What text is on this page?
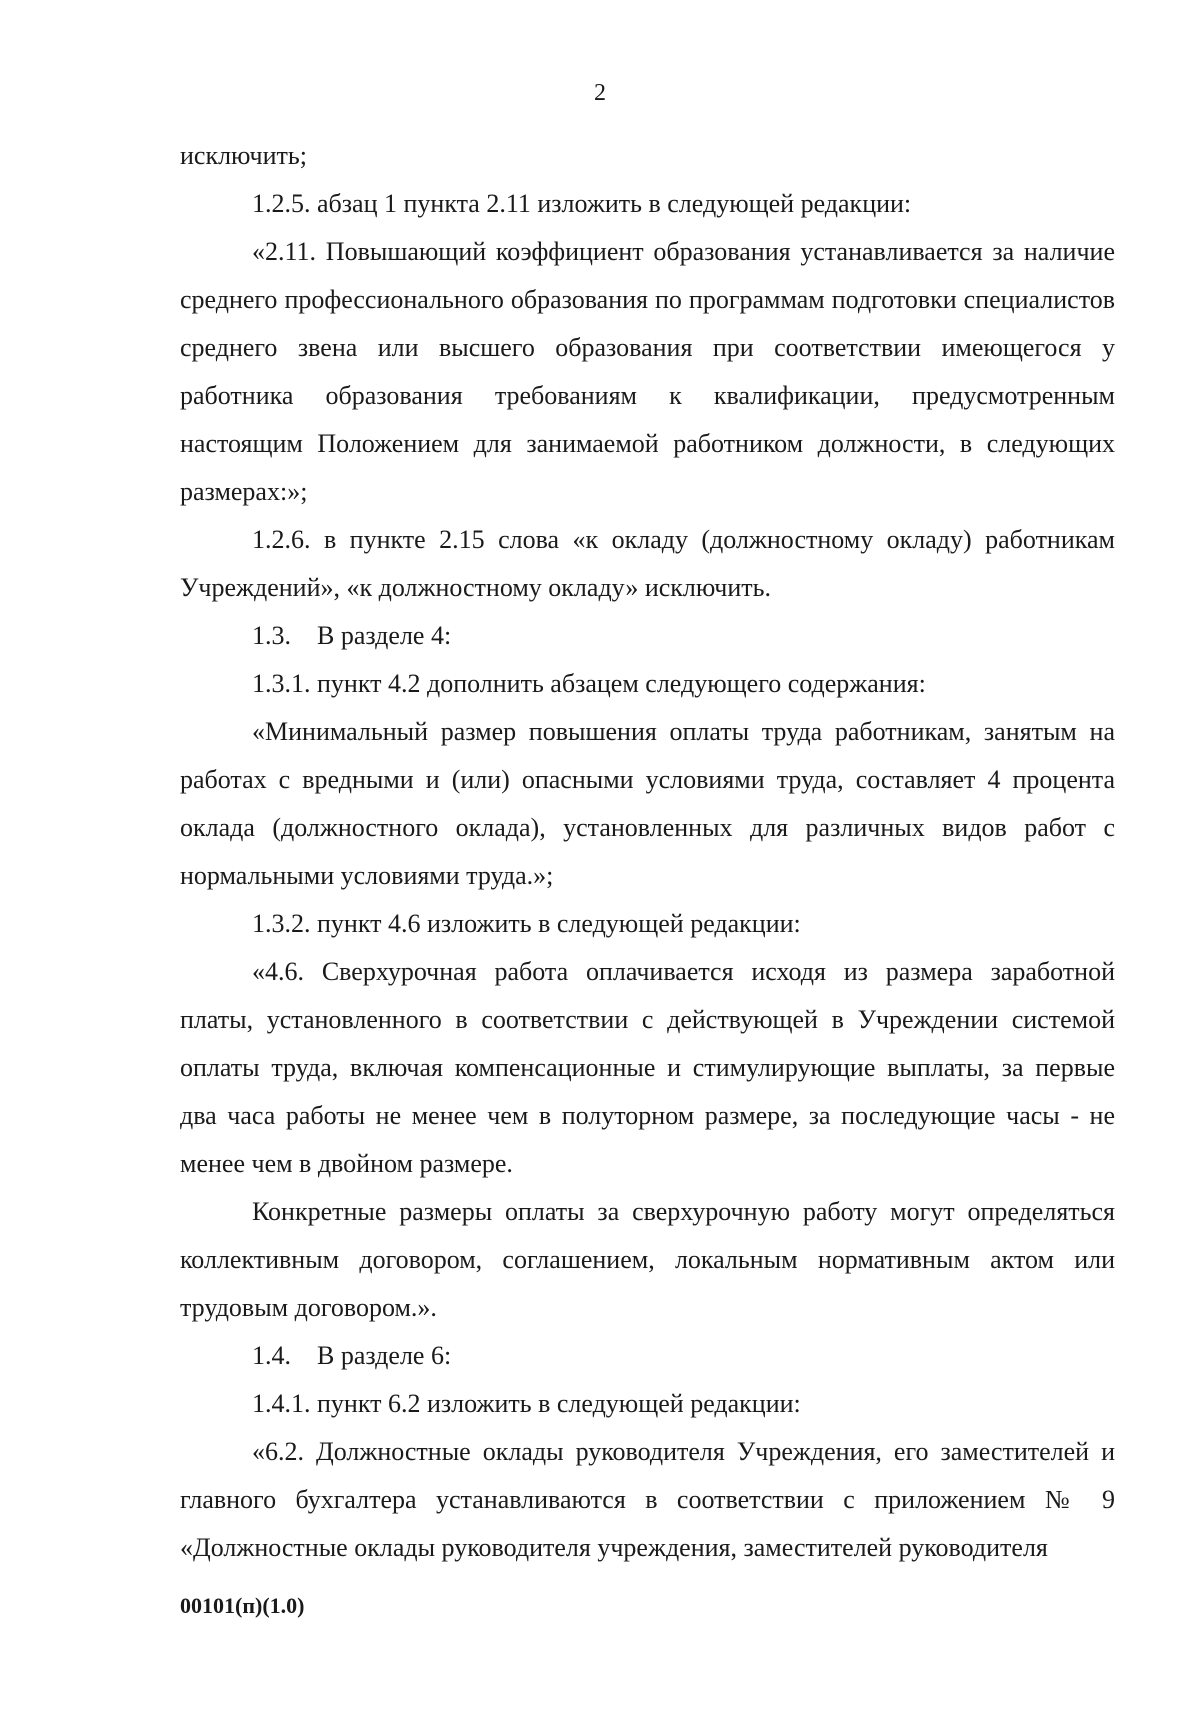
2

исключить;

1.2.5. абзац 1 пункта 2.11 изложить в следующей редакции:

«2.11. Повышающий коэффициент образования устанавливается за наличие среднего профессионального образования по программам подготовки специалистов среднего звена или высшего образования при соответствии имеющегося у работника образования требованиям к квалификации, предусмотренным настоящим Положением для занимаемой работником должности, в следующих размерах:»;

1.2.6. в пункте 2.15 слова «к окладу (должностному окладу) работникам Учреждений», «к должностному окладу» исключить.

1.3. В разделе 4:

1.3.1. пункт 4.2 дополнить абзацем следующего содержания:

«Минимальный размер повышения оплаты труда работникам, занятым на работах с вредными и (или) опасными условиями труда, составляет 4 процента оклада (должностного оклада), установленных для различных видов работ с нормальными условиями труда.»;

1.3.2. пункт 4.6 изложить в следующей редакции:

«4.6. Сверхурочная работа оплачивается исходя из размера заработной платы, установленного в соответствии с действующей в Учреждении системой оплаты труда, включая компенсационные и стимулирующие выплаты, за первые два часа работы не менее чем в полуторном размере, за последующие часы - не менее чем в двойном размере.

Конкретные размеры оплаты за сверхурочную работу могут определяться коллективным договором, соглашением, локальным нормативным актом или трудовым договором.».

1.4. В разделе 6:

1.4.1. пункт 6.2 изложить в следующей редакции:

«6.2. Должностные оклады руководителя Учреждения, его заместителей и главного бухгалтера устанавливаются в соответствии с приложением № 9 «Должностные оклады руководителя учреждения, заместителей руководителя

00101(п)(1.0)
